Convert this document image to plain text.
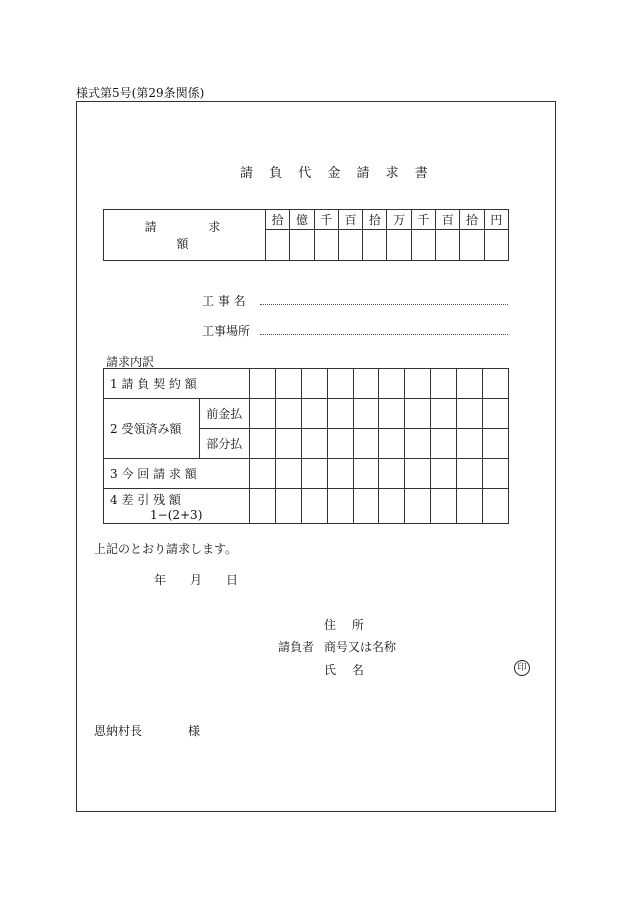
様式第5号(第29条関係)
請 負 代 金 請 求 書
請 求 額	拾	億	千	百	拾	万	千	百	拾	円

工 事 名
工事場所
請求内訳
1 請 負 契 約 額											
2 受領済み額	前金払										
	部分払										
3 今 回 請 求 額											

4 差 引 残 額
1−(2+3)											

上記のとおり請求します。
年 月 日
住 所
請負者 商号又は名称
氏 名	印
恩納村長	様
